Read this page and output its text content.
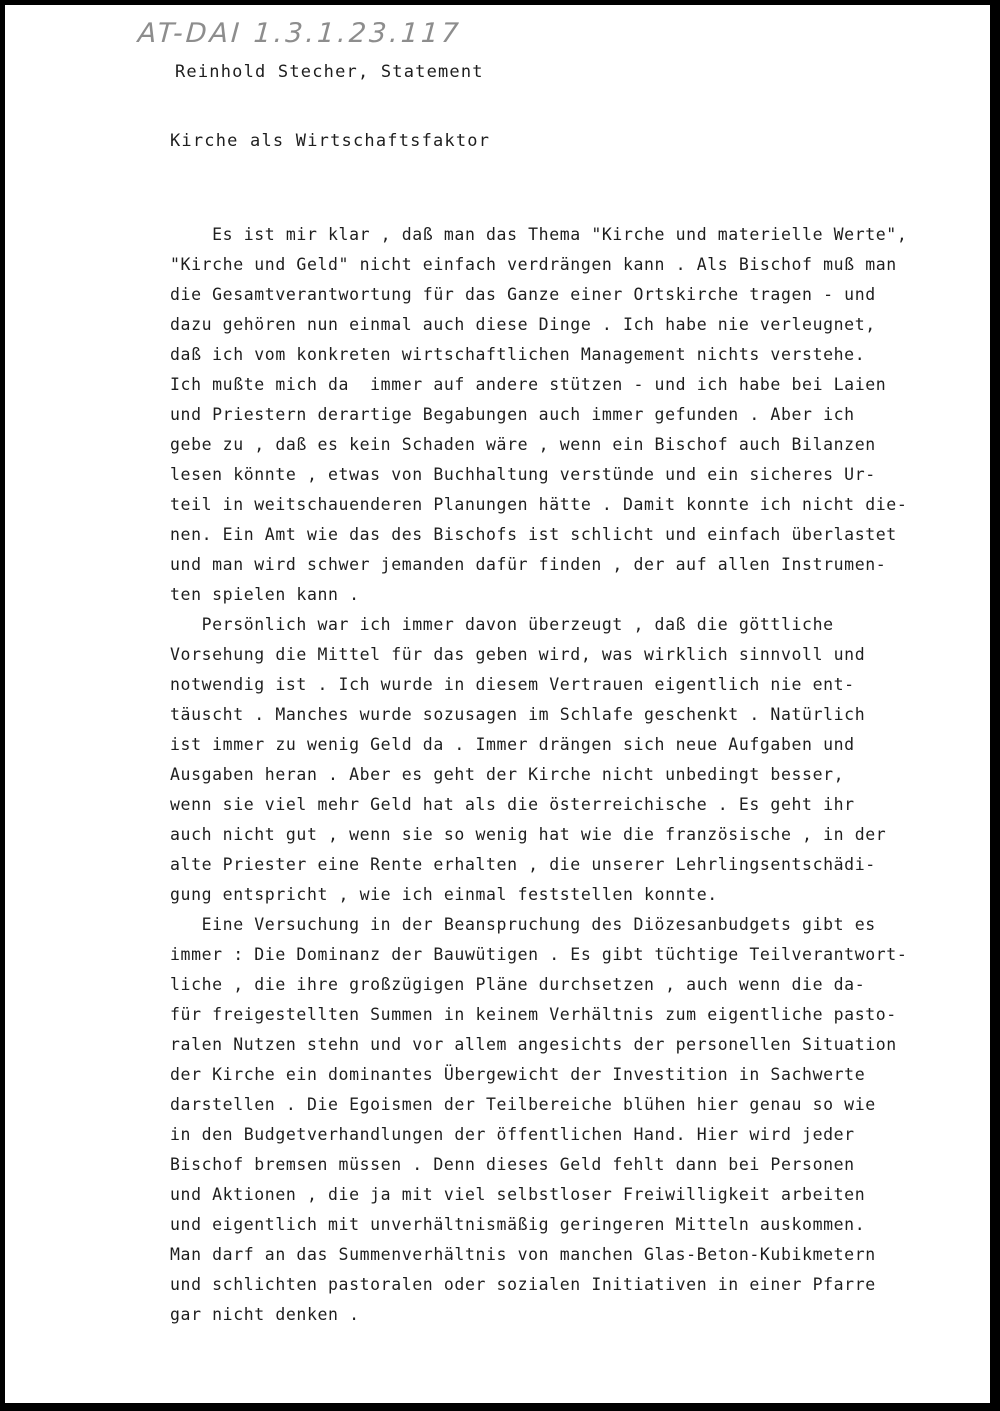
AT-DAI 1.3.1.23.117
Reinhold Stecher, Statement
Kirche als Wirtschaftsfaktor
Es ist mir klar , daß man das Thema "Kirche und materielle Werte",
"Kirche und Geld" nicht einfach verdrängen kann . Als Bischof muß man
die Gesamtverantwortung für das Ganze einer Ortskirche tragen - und
dazu gehören nun einmal auch diese Dinge . Ich habe nie verleugnet,
daß ich vom konkreten wirtschaftlichen Management nichts verstehe.
Ich mußte mich da  immer auf andere stützen - und ich habe bei Laien
und Priestern derartige Begabungen auch immer gefunden . Aber ich
gebe zu , daß es kein Schaden wäre , wenn ein Bischof auch Bilanzen
lesen könnte , etwas von Buchhaltung verstünde und ein sicheres Ur-
teil in weitschauenderen Planungen hätte . Damit konnte ich nicht die-
nen. Ein Amt wie das des Bischofs ist schlicht und einfach überlastet
und man wird schwer jemanden dafür finden , der auf allen Instrumen-
ten spielen kann .
Persönlich war ich immer davon überzeugt , daß die göttliche
Vorsehung die Mittel für das geben wird, was wirklich sinnvoll und
notwendig ist . Ich wurde in diesem Vertrauen eigentlich nie ent-
täuscht . Manches wurde sozusagen im Schlafe geschenkt . Natürlich
ist immer zu wenig Geld da . Immer drängen sich neue Aufgaben und
Ausgaben heran . Aber es geht der Kirche nicht unbedingt besser,
wenn sie viel mehr Geld hat als die österreichische . Es geht ihr
auch nicht gut , wenn sie so wenig hat wie die französische , in der
alte Priester eine Rente erhalten , die unserer Lehrlingsentschädi-
gung entspricht , wie ich einmal feststellen konnte.
Eine Versuchung in der Beanspruchung des Diözesanbudgets gibt es
immer : Die Dominanz der Bauwütigen . Es gibt tüchtige Teilverantwort-
liche , die ihre großzügigen Pläne durchsetzen , auch wenn die da-
für freigestellten Summen in keinem Verhältnis zum eigentliche pasto-
ralen Nutzen stehn und vor allem angesichts der personellen Situation
der Kirche ein dominantes Übergewicht der Investition in Sachwerte
darstellen . Die Egoismen der Teilbereiche blühen hier genau so wie
in den Budgetverhandlungen der öffentlichen Hand. Hier wird jeder
Bischof bremsen müssen . Denn dieses Geld fehlt dann bei Personen
und Aktionen , die ja mit viel selbstloser Freiwilligkeit arbeiten
und eigentlich mit unverhältnismäßig geringeren Mitteln auskommen.
Man darf an das Summenverhältnis von manchen Glas-Beton-Kubikmetern
und schlichten pastoralen oder sozialen Initiativen in einer Pfarre
gar nicht denken .
